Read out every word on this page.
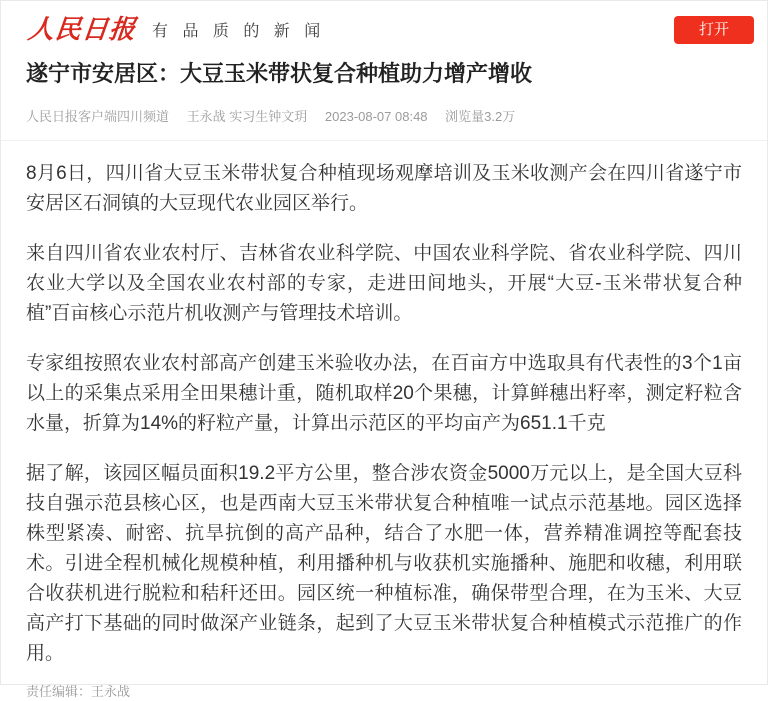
人民日报 有 品 质 的 新 闻	打开
遂宁市安居区：大豆玉米带状复合种植助力增产增收
人民日报客户端四川频道 王永战 实习生钟文玥 2023-08-07 08:48 浏览量3.2万

8月6日，四川省大豆玉米带状复合种植现场观摩培训及玉米收测产会在四川省遂宁市安居区石洞镇的大豆现代农业园区举行。

来自四川省农业农村厅、吉林省农业科学院、中国农业科学院、省农业科学院、四川农业大学以及全国农业农村部的专家，走进田间地头，开展“大豆-玉米带状复合种植”百亩核心示范片机收测产与管理技术培训。

专家组按照农业农村部高产创建玉米验收办法，在百亩方中选取具有代表性的3个1亩以上的采集点采用全田果穗计重，随机取样20个果穗，计算鲜穗出籽率，测定籽粒含水量，折算为14%的籽粒产量，计算出示范区的平均亩产为651.1千克

据了解，该园区幅员面积19.2平方公里，整合涉农资金5000万元以上，是全国大豆科技自强示范县核心区，也是西南大豆玉米带状复合种植唯一试点示范基地。园区选择株型紧凑、耐密、抗旱抗倒的高产品种，结合了水肥一体，营养精准调控等配套技术。引进全程机械化规模种植，利用播种机与收获机实施播种、施肥和收穗，利用联合收获机进行脱粒和秸秆还田。园区统一种植标准，确保带型合理，在为玉米、大豆高产打下基础的同时做深产业链条，起到了大豆玉米带状复合种植模式示范推广的作用。

责任编辑：王永战
